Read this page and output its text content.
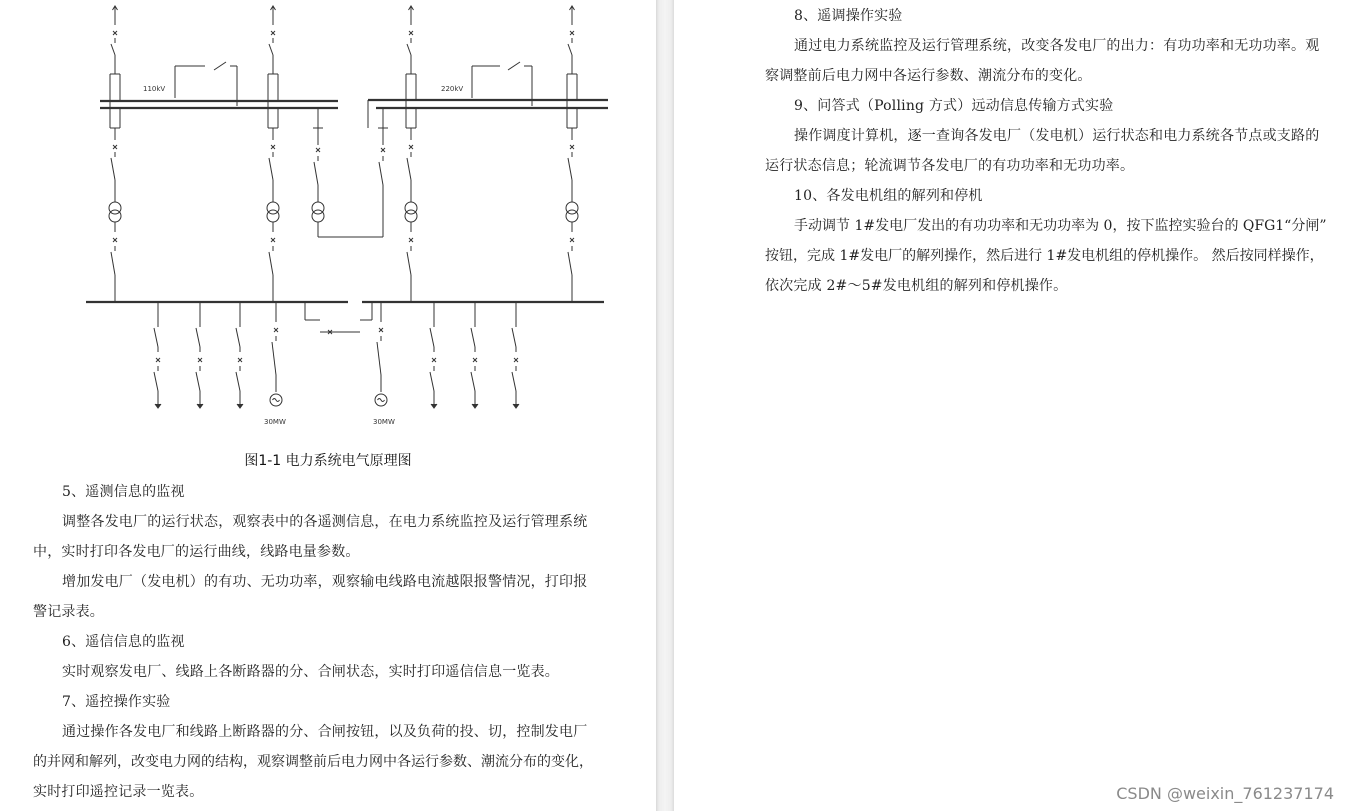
110kV	220kV
30MW	30MW
图1-1 电力系统电气原理图
5、遥测信息的监视
调整各发电厂的运行状态，观察表中的各遥测信息，在电力系统监控及运行管理系统
中，实时打印各发电厂的运行曲线，线路电量参数。
增加发电厂（发电机）的有功、无功功率，观察输电线路电流越限报警情况，打印报
警记录表。
6、遥信信息的监视
实时观察发电厂、线路上各断路器的分、合闸状态，实时打印遥信信息一览表。
7、遥控操作实验
通过操作各发电厂和线路上断路器的分、合闸按钮，以及负荷的投、切，控制发电厂
的并网和解列，改变电力网的结构，观察调整前后电力网中各运行参数、潮流分布的变化，
实时打印遥控记录一览表。
8、遥调操作实验
通过电力系统监控及运行管理系统，改变各发电厂的出力：有功功率和无功功率。观
察调整前后电力网中各运行参数、潮流分布的变化。
9、问答式（Polling 方式）远动信息传输方式实验
操作调度计算机，逐一查询各发电厂（发电机）运行状态和电力系统各节点或支路的
运行状态信息；轮流调节各发电厂的有功功率和无功功率。
10、各发电机组的解列和停机
手动调节 1#发电厂发出的有功功率和无功功率为 0，按下监控实验台的 QFG1“分闸”
按钮，完成 1#发电厂的解列操作，然后进行 1#发电机组的停机操作。 然后按同样操作，
依次完成 2#～5#发电机组的解列和停机操作。
CSDN @weixin_761237174
